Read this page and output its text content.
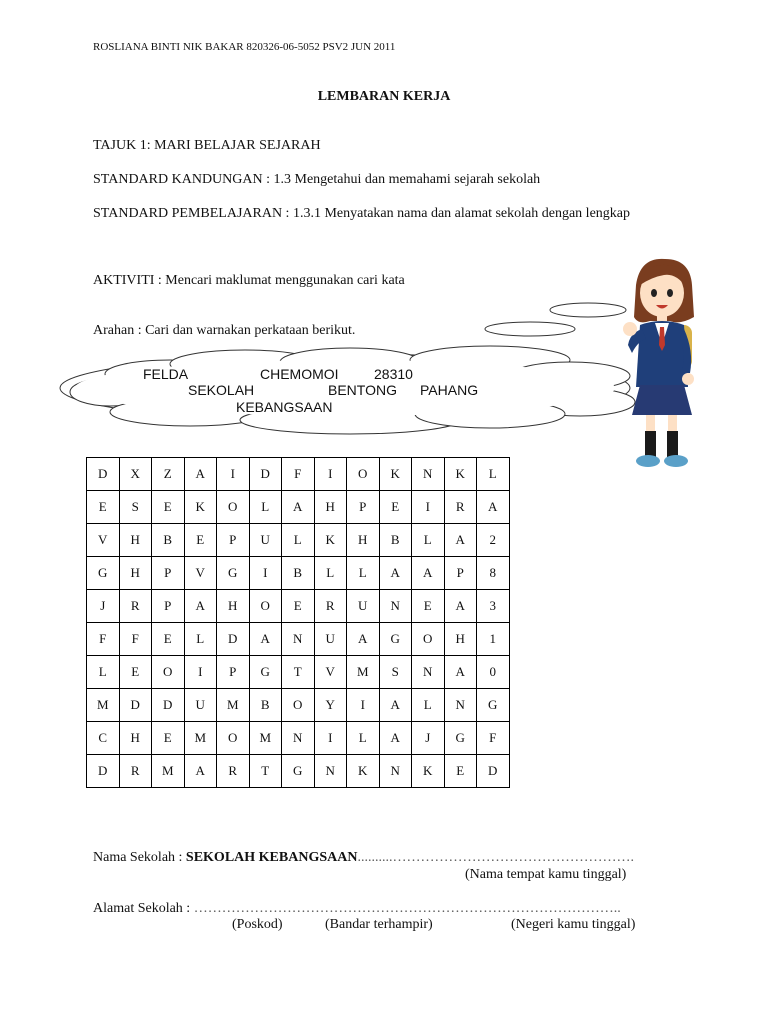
ROSLIANA BINTI NIK BAKAR 820326-06-5052 PSV2 JUN 2011
LEMBARAN KERJA
TAJUK 1: MARI BELAJAR SEJARAH
STANDARD KANDUNGAN : 1.3 Mengetahui dan memahami sejarah sekolah
STANDARD PEMBELAJARAN : 1.3.1 Menyatakan nama dan alamat sekolah dengan lengkap
AKTIVITI : Mencari maklumat menggunakan cari kata
Arahan : Cari dan warnakan perkataan berikut.
FELDA	CHEMOMOI	28310
SEKOLAH	BENTONG PAHANG
KEBANGSAAN
D	X	Z	A	I	D	F	I	O	K	N	K	L
E	S	E	K	O	L	A	H	P	E	I	R	A
V	H	B	E	P	U	L	K	H	B	L	A	2
G	H	P	V	G	I	B	L	L	A	A	P	8
J	R	P	A	H	O	E	R	U	N	E	A	3
F	F	E	L	D	A	N	U	A	G	O	H	1
L	E	O	I	P	G	T	V	M	S	N	A	0
M	D	D	U	M	B	O	Y	I	A	L	N	G
C	H	E	M	O	M	N	I	L	A	J	G	F
D	R	M	A	R	T	G	N	K	N	K	E	D
Nama Sekolah : SEKOLAH KEBANGSAAN..........…………………………………………….
(Nama tempat kamu tinggal)
Alamat Sekolah : ………………………………………………………………………………..
(Poskod)	(Bandar terhampir)	(Negeri kamu tinggal)
